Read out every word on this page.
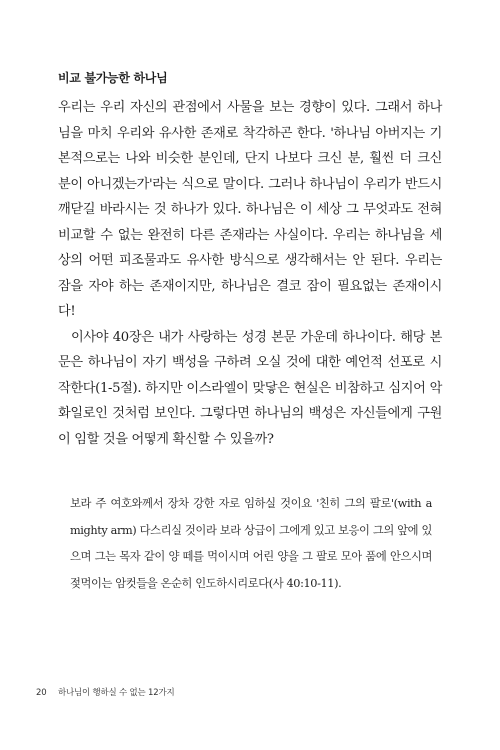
비교 불가능한 하나님

우리는 우리 자신의 관점에서 사물을 보는 경향이 있다. 그래서 하나님을 마치 우리와 유사한 존재로 착각하곤 한다. '하나님 아버지는 기본적으로는 나와 비슷한 분인데, 단지 나보다 크신 분, 훨씬 더 크신 분이 아니겠는가'라는 식으로 말이다. 그러나 하나님이 우리가 반드시 깨닫길 바라시는 것 하나가 있다. 하나님은 이 세상 그 무엇과도 전혀 비교할 수 없는 완전히 다른 존재라는 사실이다. 우리는 하나님을 세상의 어떤 피조물과도 유사한 방식으로 생각해서는 안 된다. 우리는 잠을 자야 하는 존재이지만, 하나님은 결코 잠이 필요없는 존재이시다!

이사야 40장은 내가 사랑하는 성경 본문 가운데 하나이다. 해당 본문은 하나님이 자기 백성을 구하려 오실 것에 대한 예언적 선포로 시작한다(1-5절). 하지만 이스라엘이 맞닿은 현실은 비참하고 심지어 악화일로인 것처럼 보인다. 그렇다면 하나님의 백성은 자신들에게 구원이 임할 것을 어떻게 확신할 수 있을까?

보라 주 여호와께서 장차 강한 자로 임하실 것이요 '친히 그의 팔로'(with a mighty arm) 다스리실 것이라 보라 상급이 그에게 있고 보응이 그의 앞에 있으며 그는 목자 같이 양 떼를 먹이시며 어린 양을 그 팔로 모아 품에 안으시며 젖먹이는 암컷들을 온순히 인도하시리로다(사 40:10-11).

20 하나님이 행하실 수 없는 12가지
